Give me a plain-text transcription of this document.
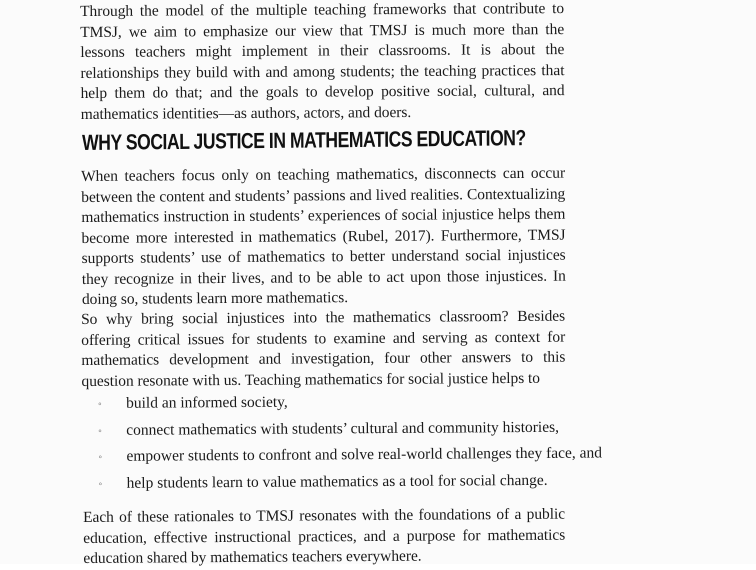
Through the model of the multiple teaching frameworks that contribute to TMSJ, we aim to emphasize our view that TMSJ is much more than the lessons teachers might implement in their classrooms. It is about the relationships they build with and among students; the teaching practices that help them do that; and the goals to develop positive social, cultural, and mathematics identities—as authors, actors, and doers.

WHY SOCIAL JUSTICE IN MATHEMATICS EDUCATION?

When teachers focus only on teaching mathematics, disconnects can occur between the content and students’ passions and lived realities. Contextualizing mathematics instruction in students’ experiences of social injustice helps them become more interested in mathematics (Rubel, 2017). Furthermore, TMSJ supports students’ use of mathematics to better understand social injustices they recognize in their lives, and to be able to act upon those injustices. In doing so, students learn more mathematics.

So why bring social injustices into the mathematics classroom? Besides offering critical issues for students to examine and serving as context for mathematics development and investigation, four other answers to this question resonate with us. Teaching mathematics for social justice helps to

◦ build an informed society,
◦ connect mathematics with students’ cultural and community histories,
◦ empower students to confront and solve real-world challenges they face, and
◦ help students learn to value mathematics as a tool for social change.

Each of these rationales to TMSJ resonates with the foundations of a public education, effective instructional practices, and a purpose for mathematics education shared by mathematics teachers everywhere.
